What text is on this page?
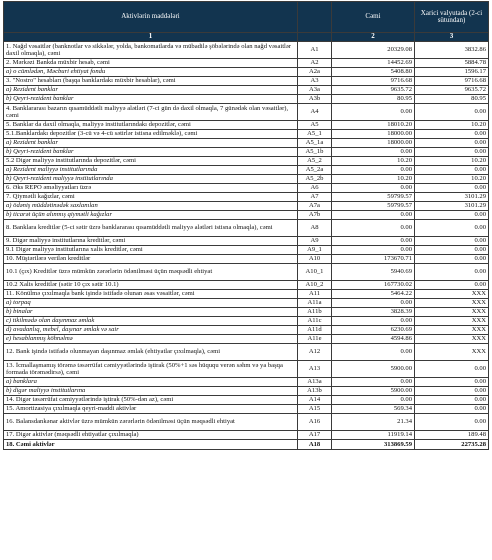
Aktivlərin maddələri		Cəmi	Xarici valyutada (2-ci sütundan)
1		2	3
1. Nağd vəsaitlər (banknotlar və sikkələr, yolda, bankomatlarda və mübadilə şöbələrində olan nağd vəsaitlər daxil olmaqla), cəmi	A1	20329.08	3832.86
2. Mərkəzi Bankda müxbir hesab, cəmi	A2	14452.69	5884.78
a) o cümlədən, Məcburi ehtiyat fondu	A2a	5408.80	1596.17
3. "Nostro" hesabları (başqa banklardakı müxbir hesablar), cəmi	A3	9716.68	9716.68
a) Rezident banklar	A3a	9635.72	9635.72
b) Qeyri-rezident banklar	A3b	80.95	80.95
4. Banklararası bazarın qısamüddətli maliyyə alətləri (7-ci gün də daxil olmaqla, 7 günədək olan vəsaitlər), cəmi	A4	0.00	0.00
5. Banklar da daxil olmaqla, maliyyə institutlarındakı depozitlər, cəmi	A5	18010.20	10.20
5.1.Banklardakı depozitlər (3-cü və 4-cü sətirlər istisna edilməklə), cəmi	A5_1	18000.00	0.00
a) Rezident banklar	A5_1a	18000.00	0.00
b) Qeyri-rezident banklar	A5_1b	0.00	0.00
5.2 Digər maliyyə institutlarında depozitlər, cəmi	A5_2	10.20	10.20
a) Rezident maliyyə institutlarında	A5_2a	0.00	0.00
b) Qeyri-rezident maliyyə institutlarında	A5_2b	10.20	10.20
6. Əks REPO əməliyyatları üzrə	A6	0.00	0.00
7. Qiymətli kağızlar, cəmi	A7	59799.57	3101.29
a) ödəniş müddətinədək saxlanılan	A7a	59799.57	3101.29
b) ticarət üçün alınmış qiymətli kağızlar	A7b	0.00	0.00
8. Banklara kreditlər (5-ci sətir üzrə banklararası qısamüddətli maliyyə alətləri istisna olmaqla), cəmi	A8	0.00	0.00
9. Digər maliyyə institutlarına kreditlər, cəmi	A9	0.00	0.00
9.1 Digər maliyyə institutlarına xalis kreditlər, cəmi	A9_1	0.00	0.00
10. Müştərilərə verilən kreditlər	A10	173670.71	0.00
10.1 (çıx) Kreditlər üzrə mümkün zərərlərin ödənilməsi üçün məqsədli ehtiyat	A10_1	5940.69	0.00
10.2 Xalis kreditlər (sətir 10 çıx sətir 10.1)	A10_2	167730.02	0.00
11. Könülmə çıxılmaqla bank işində istifadə olunan əsas vəsaitlər, cəmi	A11	5464.22	XXX
a) torpaq	A11a	0.00	XXX
b) binalar	A11b	3828.39	XXX
c) tikilmədə olan daşınmaz əmlak	A11c	0.00	XXX
d) avadanlıq, mebel, daşınar əmlak və sair	A11d	6230.69	XXX
e) hesablanmış köhnəlmə	A11e	4594.86	XXX
12. Bank işində istifadə olunmayan daşınmaz əmlak (ehtiyatlar çıxılmaqla), cəmi	A12	0.00	XXX
13. İcmallaşmamış törəmə təsərrüfat cəmiyyətlərində iştirak (50%+1 səs hüququ verən səhm və ya başqa formada törəmədirsə), cəmi	A13	5900.00	0.00
a) banklara	A13a	0.00	0.00
b) digər maliyyə institutlarına	A13b	5900.00	0.00
14. Digər təsərrüfat cəmiyyətlərində iştirak (50%-dən az), cəmi	A14	0.00	0.00
15. Amortizasiya çıxılmaqla qeyri-maddi aktivlər	A15	569.34	0.00
16. Balansdankənar aktivlər üzrə mümkün zərərlərin ödənilməsi üçün məqsədli ehtiyat	A16	21.34	0.00
17. Digər aktivlər (məqsədli ehtiyatlar çıxılmaqla)	A17	11919.14	189.48
18. Cəmi aktivlər	A18	313869.59	22735.28
